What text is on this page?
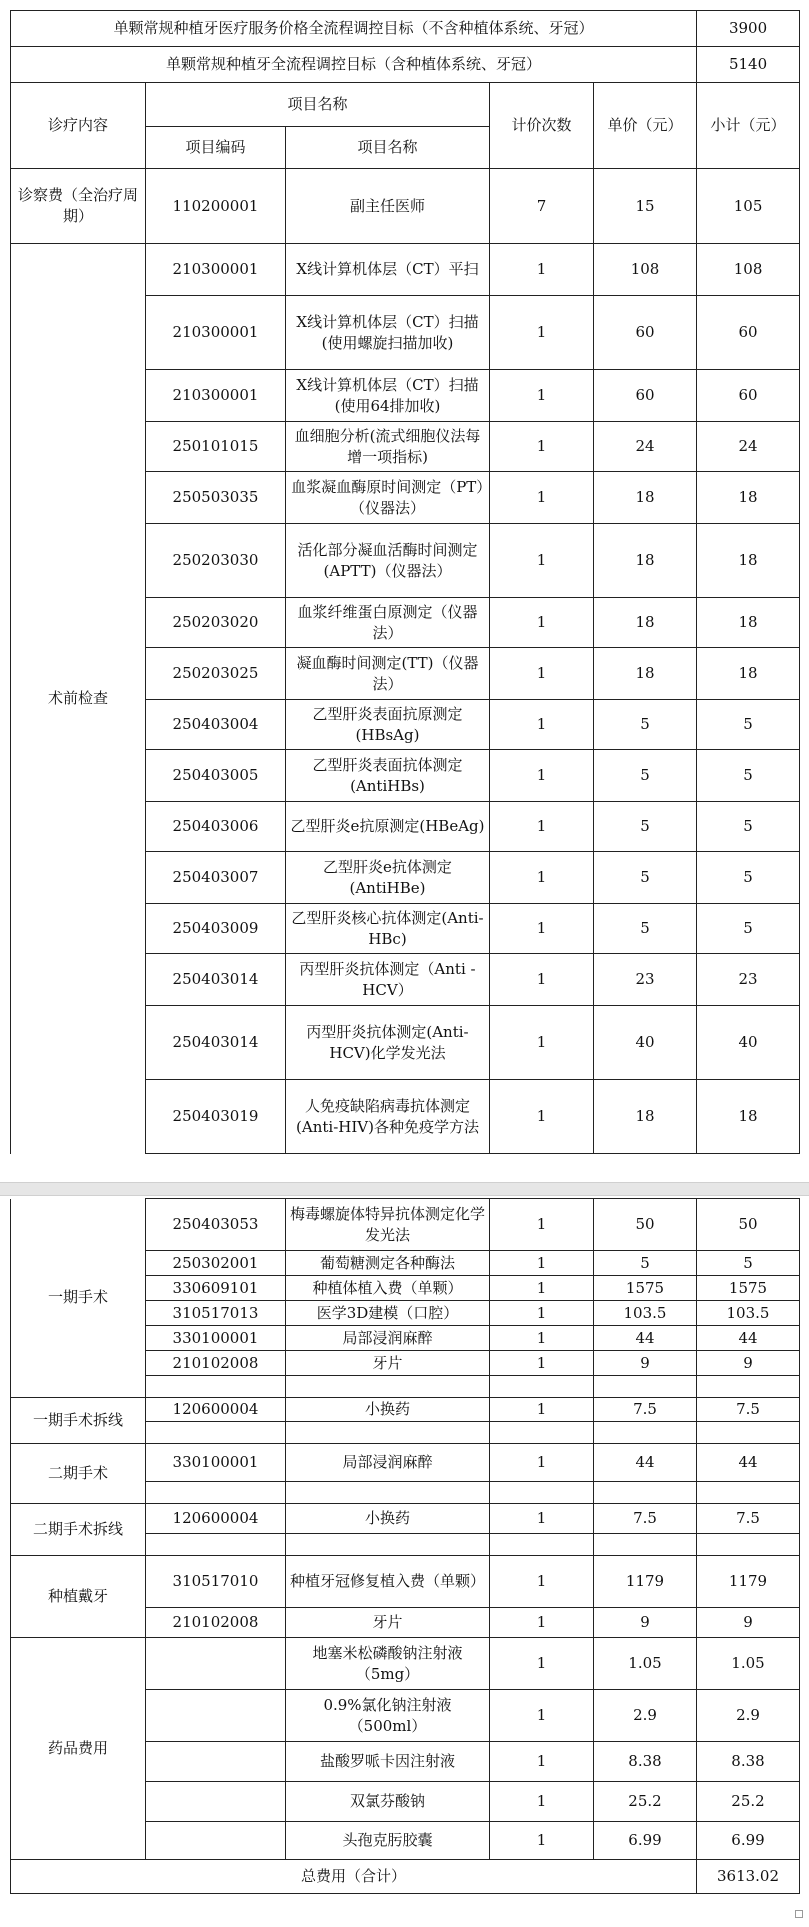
单颗常规种植牙医疗服务价格全流程调控目标（不含种植体系统、牙冠）					3900
单颗常规种植牙全流程调控目标（含种植体系统、牙冠）					5140
诊疗内容	项目名称		计价次数	单价（元）	小计（元）
	项目编码	项目名称			
诊察费（全治疗周期）	110200001	副主任医师	7	15	105
术前检查	210300001	X线计算机体层（CT）平扫	1	108	108
	210300001	X线计算机体层（CT）扫描(使用螺旋扫描加收)	1	60	60
	210300001	X线计算机体层（CT）扫描(使用64排加收)	1	60	60
	250101015	血细胞分析(流式细胞仪法每增一项指标)	1	24	24
	250503035	血浆凝血酶原时间测定（PT）（仪器法）	1	18	18
	250203030	活化部分凝血活酶时间测定(APTT)（仪器法）	1	18	18
	250203020	血浆纤维蛋白原测定（仪器法）	1	18	18
	250203025	凝血酶时间测定(TT)（仪器法）	1	18	18
	250403004	乙型肝炎表面抗原测定(HBsAg)	1	5	5
	250403005	乙型肝炎表面抗体测定(AntiHBs)	1	5	5
	250403006	乙型肝炎e抗原测定(HBeAg)	1	5	5
	250403007	乙型肝炎e抗体测定(AntiHBe)	1	5	5
	250403009	乙型肝炎核心抗体测定(Anti-HBc)	1	5	5
	250403014	丙型肝炎抗体测定（Anti - HCV）	1	23	23
	250403014	丙型肝炎抗体测定(Anti-HCV)化学发光法	1	40	40
	250403019	人免疫缺陷病毒抗体测定(Anti-HIV)各种免疫学方法	1	18	18
一期手术	250403053	梅毒螺旋体特异抗体测定化学发光法	1	50	50
	250302001	葡萄糖测定各种酶法	1	5	5
	330609101	种植体植入费（单颗）	1	1575	1575
	310517013	医学3D建模（口腔）	1	103.5	103.5
	330100001	局部浸润麻醉	1	44	44
	210102008	牙片	1	9	9

一期手术拆线	120600004	小换药	1	7.5	7.5

二期手术	330100001	局部浸润麻醉	1	44	44

二期手术拆线	120600004	小换药	1	7.5	7.5

种植戴牙	310517010	种植牙冠修复植入费（单颗）	1	1179	1179
	210102008	牙片	1	9	9
药品费用		地塞米松磷酸钠注射液（5mg）	1	1.05	1.05
		0.9%氯化钠注射液（500ml）	1	2.9	2.9
		盐酸罗哌卡因注射液	1	8.38	8.38
		双氯芬酸钠	1	25.2	25.2
		头孢克肟胶囊	1	6.99	6.99
总费用（合计）					3613.02
